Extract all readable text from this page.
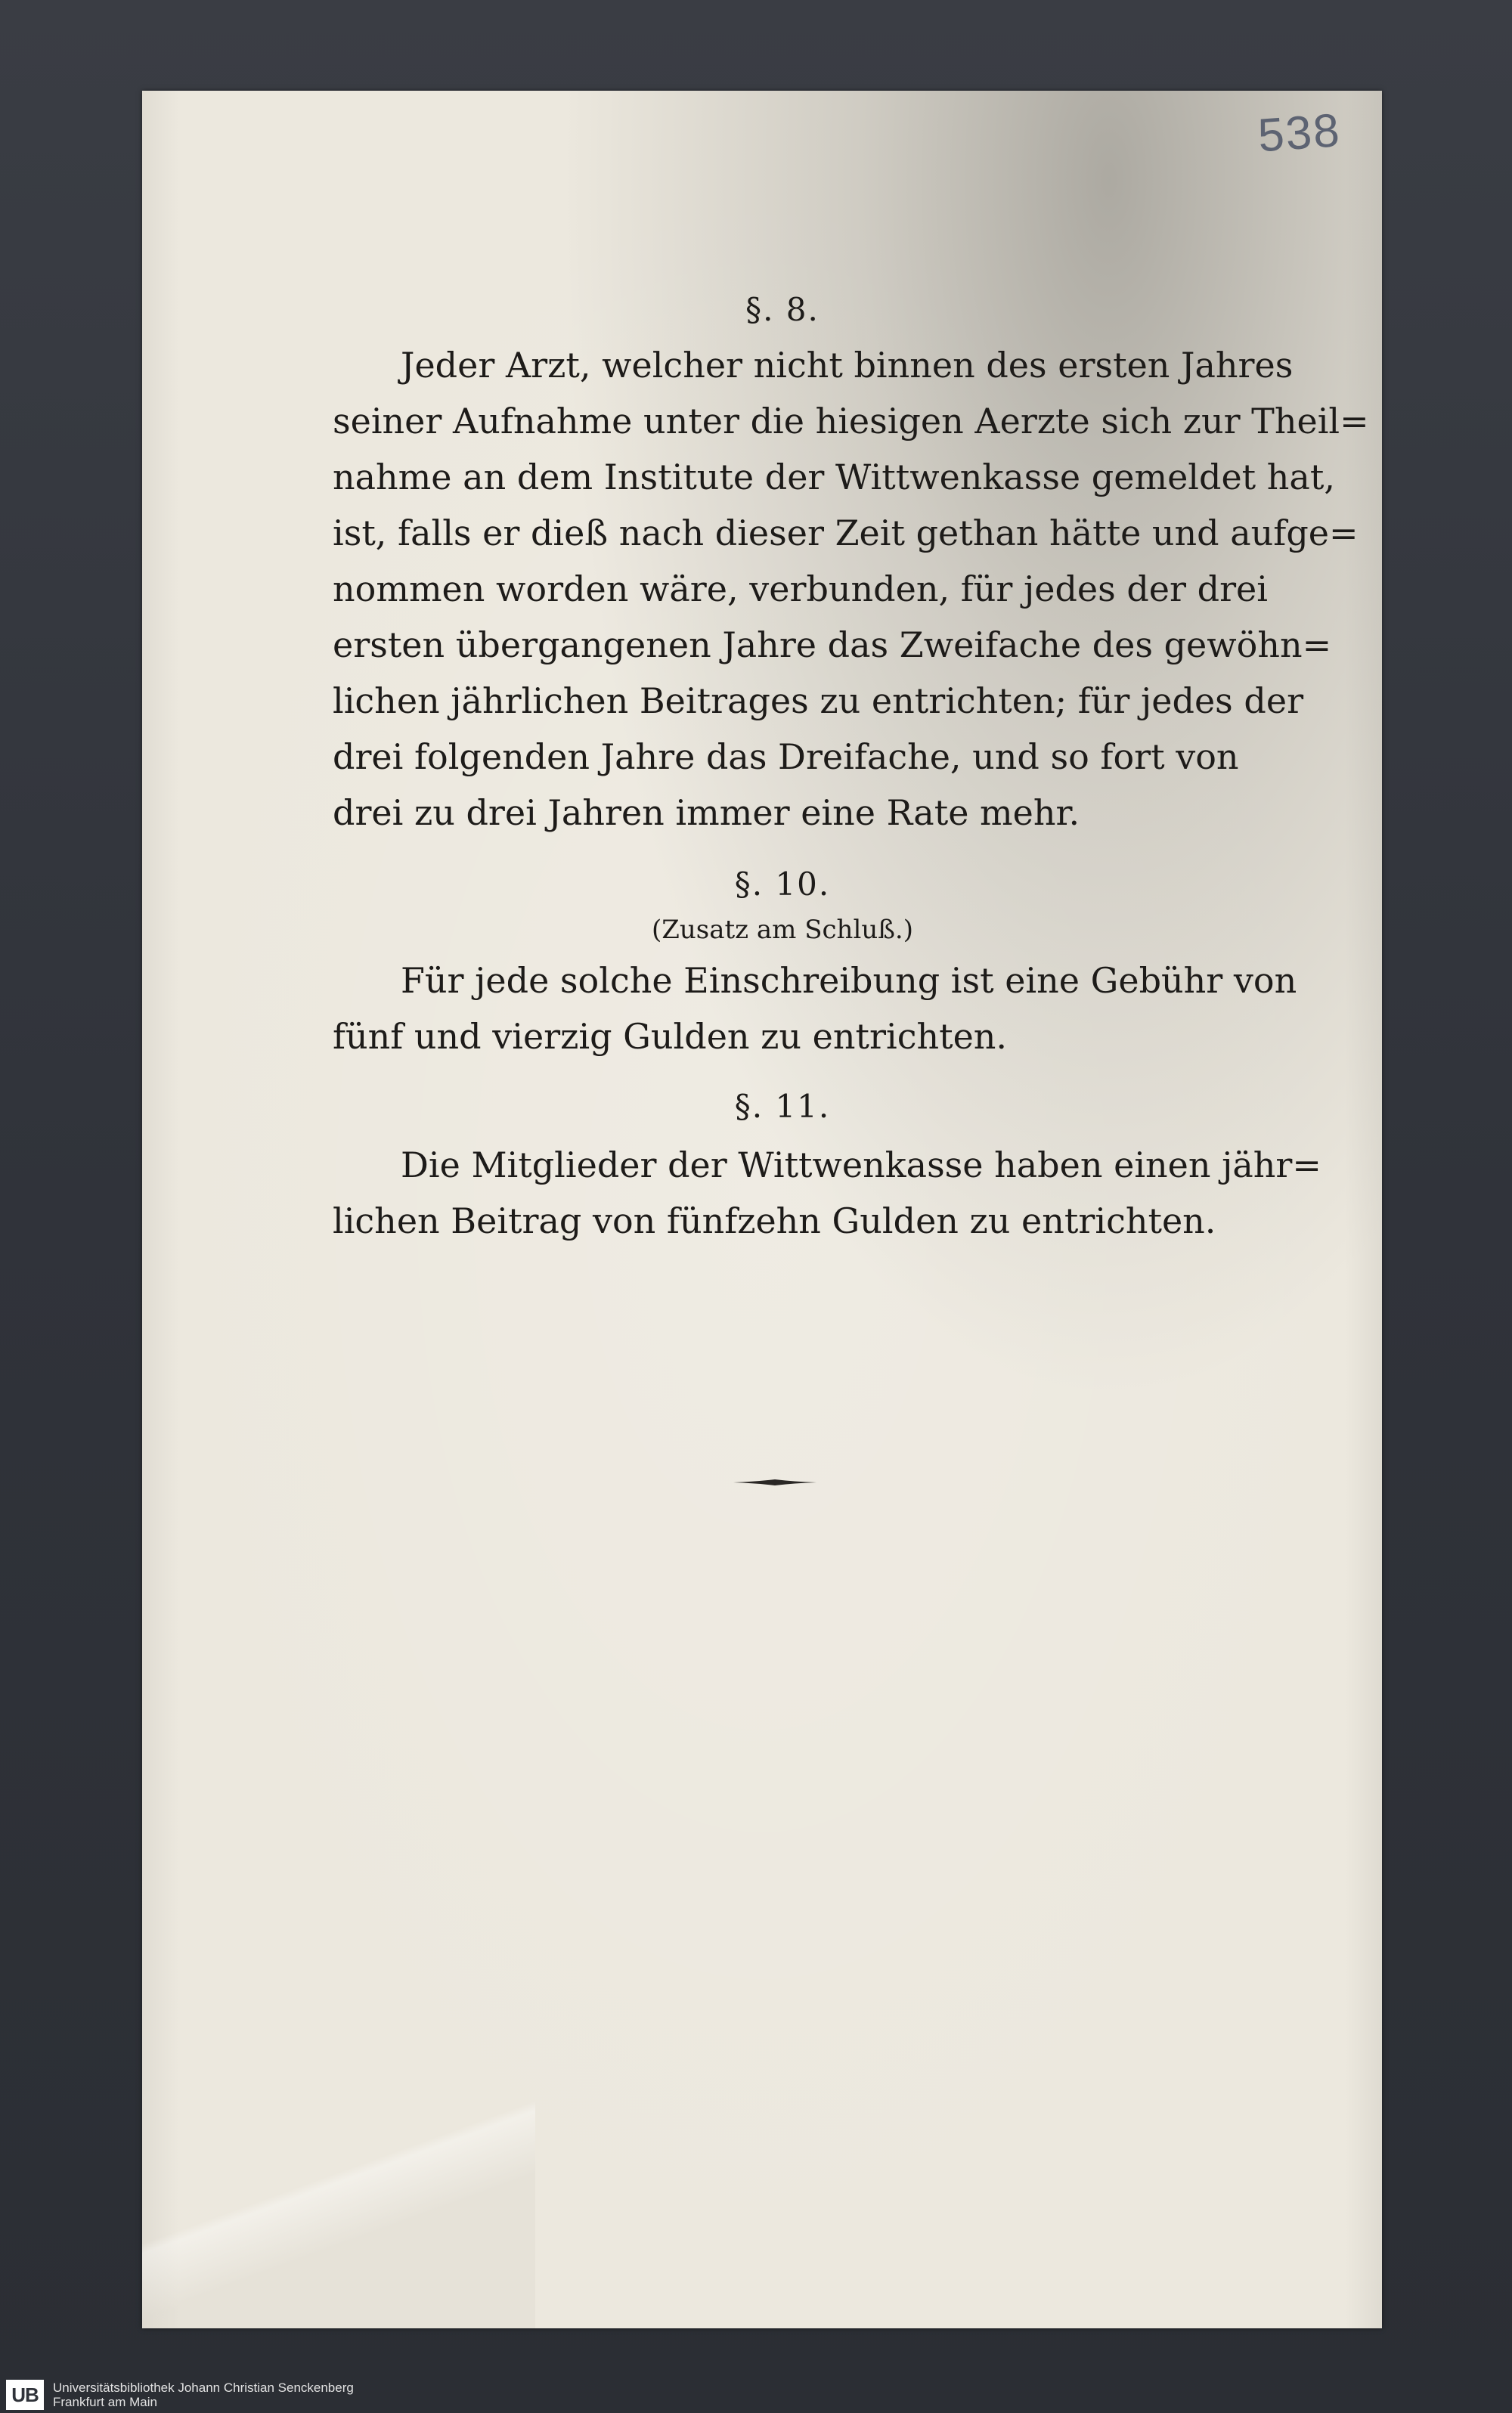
538

§. 8.

Jeder Arzt, welcher nicht binnen des ersten Jahres
seiner Aufnahme unter die hiesigen Aerzte sich zur Theil=
nahme an dem Institute der Wittwenkasse gemeldet hat,
ist, falls er dieß nach dieser Zeit gethan hätte und aufge=
nommen worden wäre, verbunden, für jedes der drei
ersten übergangenen Jahre das Zweifache des gewöhn=
lichen jährlichen Beitrages zu entrichten; für jedes der
drei folgenden Jahre das Dreifache, und so fort von
drei zu drei Jahren immer eine Rate mehr.

§. 10.

(Zusatz am Schluß.)

Für jede solche Einschreibung ist eine Gebühr von
fünf und vierzig Gulden zu entrichten.

§. 11.

Die Mitglieder der Wittwenkasse haben einen jähr=
lichen Beitrag von fünfzehn Gulden zu entrichten.

UB	Universitätsbibliothek Johann Christian Senckenberg
Frankfurt am Main
